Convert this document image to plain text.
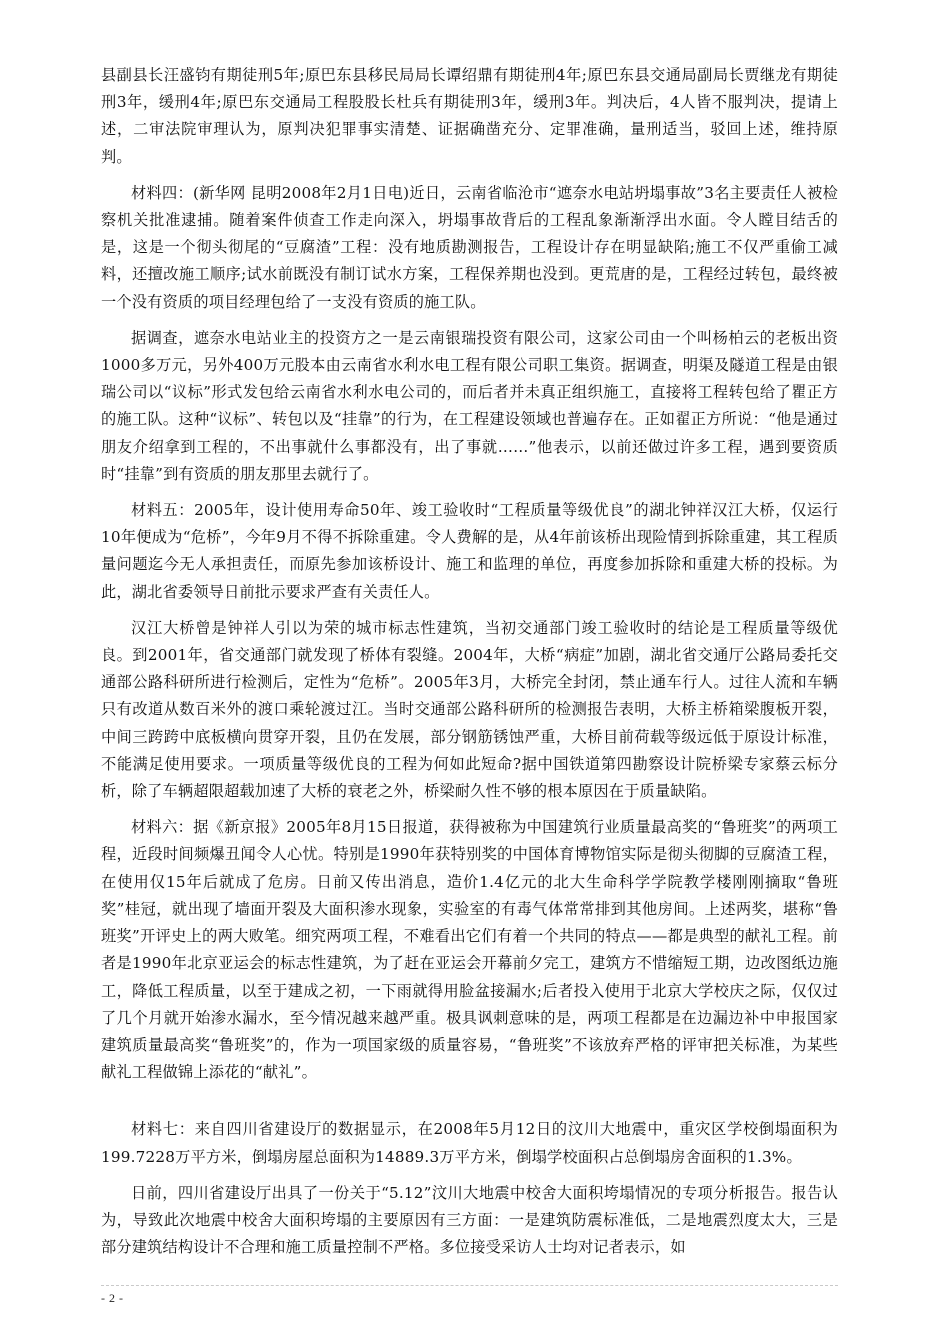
县副县长汪盛钧有期徒刑5年;原巴东县移民局局长谭绍鼎有期徒刑4年;原巴东县交通局副局长贾继龙有期徒刑3年，缓刑4年;原巴东交通局工程股股长杜兵有期徒刑3年，缓刑3年。判决后，4人皆不服判决，提请上述，二审法院审理认为，原判决犯罪事实清楚、证据确凿充分、定罪准确，量刑适当，驳回上述，维持原判。

材料四：(新华网 昆明2008年2月1日电)近日，云南省临沧市“遮奈水电站坍塌事故”3名主要责任人被检察机关批准逮捕。随着案件侦查工作走向深入，坍塌事故背后的工程乱象渐渐浮出水面。令人瞠目结舌的是，这是一个彻头彻尾的“豆腐渣”工程：没有地质勘测报告，工程设计存在明显缺陷;施工不仅严重偷工减料，还擅改施工顺序;试水前既没有制订试水方案，工程保养期也没到。更荒唐的是，工程经过转包，最终被一个没有资质的项目经理包给了一支没有资质的施工队。

据调查，遮奈水电站业主的投资方之一是云南银瑞投资有限公司，这家公司由一个叫杨柏云的老板出资1000多万元，另外400万元股本由云南省水利水电工程有限公司职工集资。据调查，明渠及隧道工程是由银瑞公司以“议标”形式发包给云南省水利水电公司的，而后者并未真正组织施工，直接将工程转包给了瞿正方的施工队。这种“议标”、转包以及“挂靠”的行为，在工程建设领域也普遍存在。正如翟正方所说：“他是通过朋友介绍拿到工程的，不出事就什么事都没有，出了事就……”他表示，以前还做过许多工程，遇到要资质时“挂靠”到有资质的朋友那里去就行了。

材料五：2005年，设计使用寿命50年、竣工验收时“工程质量等级优良”的湖北钟祥汉江大桥，仅运行10年便成为“危桥”，今年9月不得不拆除重建。令人费解的是，从4年前该桥出现险情到拆除重建，其工程质量问题迄今无人承担责任，而原先参加该桥设计、施工和监理的单位，再度参加拆除和重建大桥的投标。为此，湖北省委领导日前批示要求严查有关责任人。

汉江大桥曾是钟祥人引以为荣的城市标志性建筑，当初交通部门竣工验收时的结论是工程质量等级优良。到2001年，省交通部门就发现了桥体有裂缝。2004年，大桥“病症”加剧，湖北省交通厅公路局委托交通部公路科研所进行检测后，定性为“危桥”。2005年3月，大桥完全封闭，禁止通车行人。过往人流和车辆只有改道从数百米外的渡口乘轮渡过江。当时交通部公路科研所的检测报告表明，大桥主桥箱梁腹板开裂，中间三跨跨中底板横向贯穿开裂，且仍在发展，部分钢筋锈蚀严重，大桥目前荷载等级远低于原设计标准，不能满足使用要求。一项质量等级优良的工程为何如此短命?据中国铁道第四勘察设计院桥梁专家蔡云标分析，除了车辆超限超载加速了大桥的衰老之外，桥梁耐久性不够的根本原因在于质量缺陷。

材料六：据《新京报》2005年8月15日报道，获得被称为中国建筑行业质量最高奖的“鲁班奖”的两项工程，近段时间频爆丑闻令人心忧。特别是1990年获特别奖的中国体育博物馆实际是彻头彻脚的豆腐渣工程，在使用仅15年后就成了危房。日前又传出消息，造价1.4亿元的北大生命科学学院教学楼刚刚摘取“鲁班奖”桂冠，就出现了墙面开裂及大面积渗水现象，实验室的有毒气体常常排到其他房间。上述两奖，堪称“鲁班奖”开评史上的两大败笔。细究两项工程，不难看出它们有着一个共同的特点——都是典型的献礼工程。前者是1990年北京亚运会的标志性建筑，为了赶在亚运会开幕前夕完工，建筑方不惜缩短工期，边改图纸边施工，降低工程质量，以至于建成之初，一下雨就得用脸盆接漏水;后者投入使用于北京大学校庆之际，仅仅过了几个月就开始渗水漏水，至今情况越来越严重。极具讽刺意味的是，两项工程都是在边漏边补中申报国家建筑质量最高奖“鲁班奖”的，作为一项国家级的质量容易，“鲁班奖”不该放弃严格的评审把关标准，为某些献礼工程做锦上添花的“献礼”。

材料七：来自四川省建设厅的数据显示，在2008年5月12日的汶川大地震中，重灾区学校倒塌面积为199.7228万平方米，倒塌房屋总面积为14889.3万平方米，倒塌学校面积占总倒塌房舍面积的1.3%。

日前，四川省建设厅出具了一份关于“5.12”汶川大地震中校舍大面积垮塌情况的专项分析报告。报告认为，导致此次地震中校舍大面积垮塌的主要原因有三方面：一是建筑防震标准低，二是地震烈度太大，三是部分建筑结构设计不合理和施工质量控制不严格。多位接受采访人士均对记者表示，如

- 2 -
